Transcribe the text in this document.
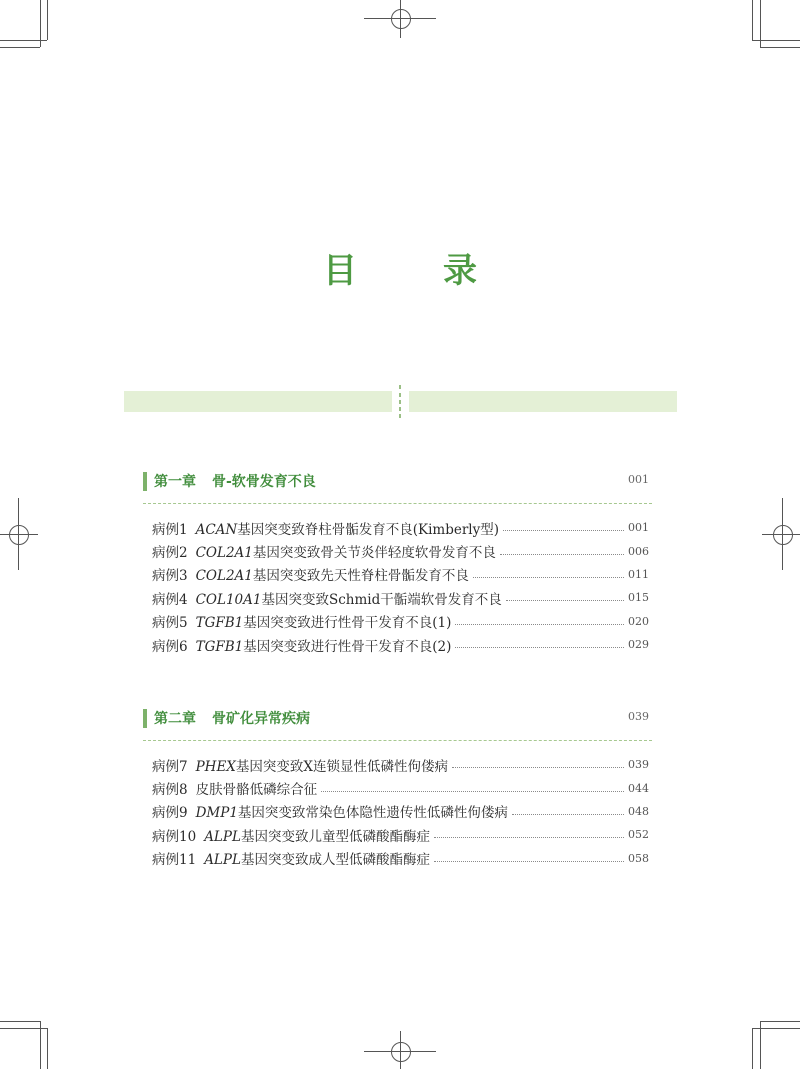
目　录
第一章 骨-软骨发育不良	001
病例1 ACAN基因突变致脊柱骨骺发育不良(Kimberly型)	001
病例2 COL2A1基因突变致骨关节炎伴轻度软骨发育不良	006
病例3 COL2A1基因突变致先天性脊柱骨骺发育不良	011
病例4 COL10A1基因突变致Schmid干骺端软骨发育不良	015
病例5 TGFB1基因突变致进行性骨干发育不良(1)	020
病例6 TGFB1基因突变致进行性骨干发育不良(2)	029
第二章 骨矿化异常疾病	039
病例7 PHEX基因突变致X连锁显性低磷性佝偻病	039
病例8 皮肤骨骼低磷综合征	044
病例9 DMP1基因突变致常染色体隐性遗传性低磷性佝偻病	048
病例10 ALPL基因突变致儿童型低磷酸酯酶症	052
病例11 ALPL基因突变致成人型低磷酸酯酶症	058
